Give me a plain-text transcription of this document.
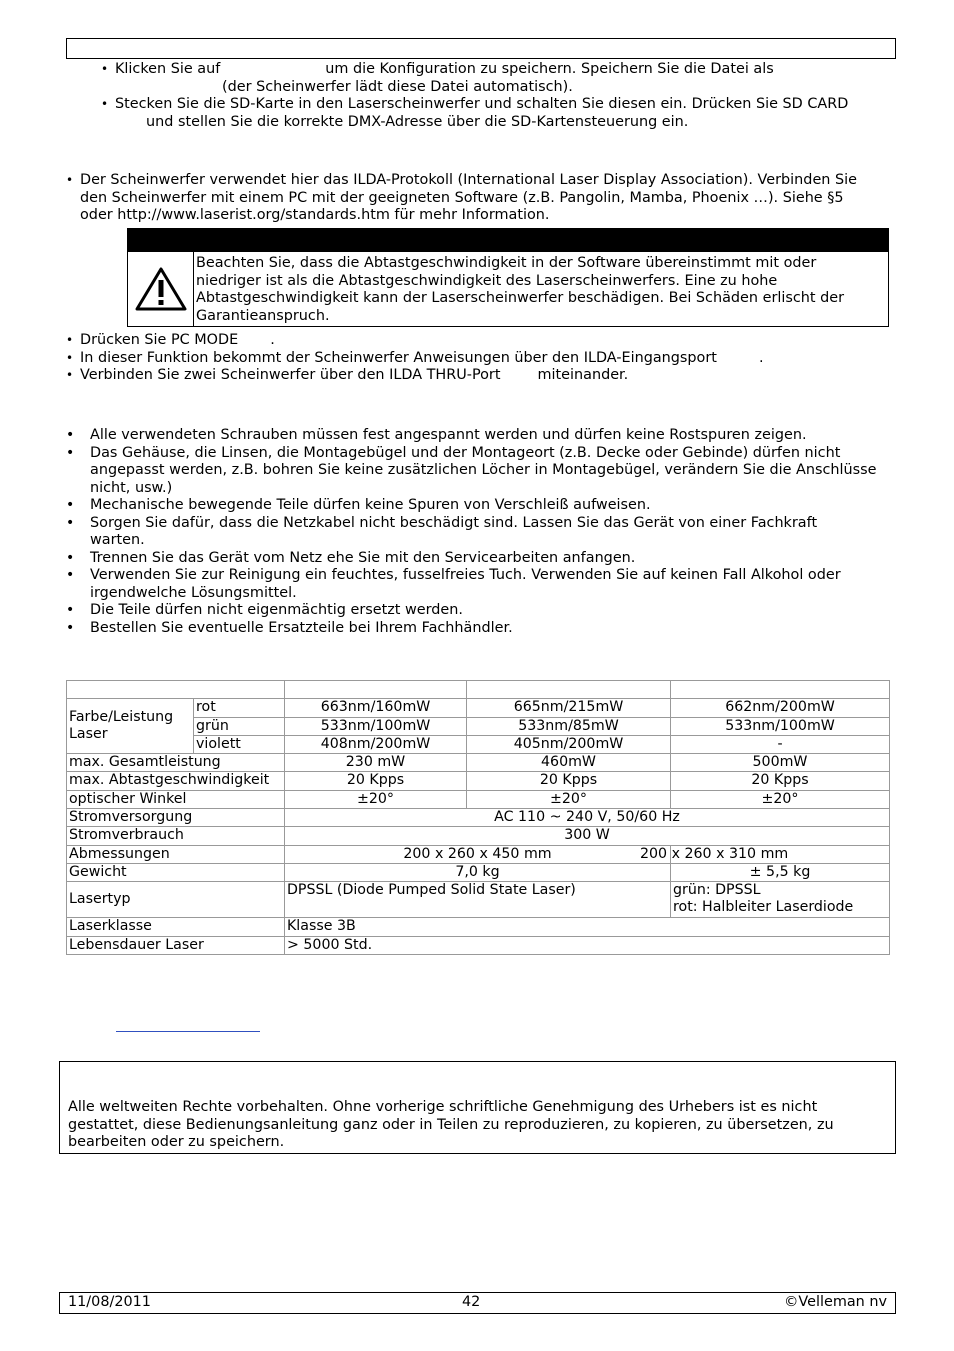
• Klicken Sie auf	um die Konfiguration zu speichern. Speichern Sie die Datei als
(der Scheinwerfer lädt diese Datei automatisch).
• Stecken Sie die SD-Karte in den Laserscheinwerfer und schalten Sie diesen ein. Drücken Sie SD CARD
und stellen Sie die korrekte DMX-Adresse über die SD-Kartensteuerung ein.
• Der Scheinwerfer verwendet hier das ILDA-Protokoll (International Laser Display Association). Verbinden Sie
den Scheinwerfer mit einem PC mit der geeigneten Software (z.B. Pangolin, Mamba, Phoenix …). Siehe §5
oder http://www.laserist.org/standards.htm für mehr Information.
Beachten Sie, dass die Abtastgeschwindigkeit in der Software übereinstimmt mit oder
niedriger ist als die Abtastgeschwindigkeit des Laserscheinwerfers. Eine zu hohe
Abtastgeschwindigkeit kann der Laserscheinwerfer beschädigen. Bei Schäden erlischt der
Garantieanspruch.
• Drücken Sie PC MODE .
• In dieser Funktion bekommt der Scheinwerfer Anweisungen über den ILDA-Eingangsport	.
• Verbinden Sie zwei Scheinwerfer über den ILDA THRU-Port	miteinander.
• Alle verwendeten Schrauben müssen fest angespannt werden und dürfen keine Rostspuren zeigen.
• Das Gehäuse, die Linsen, die Montagebügel und der Montageort (z.B. Decke oder Gebinde) dürfen nicht
angepasst werden, z.B. bohren Sie keine zusätzlichen Löcher in Montagebügel, verändern Sie die Anschlüsse
nicht, usw.)
• Mechanische bewegende Teile dürfen keine Spuren von Verschleiß aufweisen.
• Sorgen Sie dafür, dass die Netzkabel nicht beschädigt sind. Lassen Sie das Gerät von einer Fachkraft
warten.
• Trennen Sie das Gerät vom Netz ehe Sie mit den Servicearbeiten anfangen.
• Verwenden Sie zur Reinigung ein feuchtes, fusselfreies Tuch. Verwenden Sie auf keinen Fall Alkohol oder
irgendwelche Lösungsmittel.
• Die Teile dürfen nicht eigenmächtig ersetzt werden.
• Bestellen Sie eventuelle Ersatzteile bei Ihrem Fachhändler.

Farbe/Leistung
Laser	rot	663nm/160mW	665nm/215mW	662nm/200mW
	grün	533nm/100mW	533nm/85mW	533nm/100mW
	violett	408nm/200mW	405nm/200mW	-
max. Gesamtleistung		230 mW	460mW	500mW
max. Abtastgeschwindigkeit		20 Kpps	20 Kpps	20 Kpps
optischer Winkel		±20°	±20°	±20°
Stromversorgung		AC 110 ~ 240 V, 50/60 Hz		
Stromverbrauch		300 W		
Abmessungen		200 x 260 x 450 mm		200 x 260 x 310 mm

Gewicht		7,0 kg		± 5,5 kg
Lasertyp		DPSSL (Diode Pumped Solid State Laser)		grün: DPSSL
rot: Halbleiter Laserdiode
Laserklasse		Klasse 3B		
Lebensdauer Laser		> 5000 Std.		
Alle weltweiten Rechte vorbehalten. Ohne vorherige schriftliche Genehmigung des Urhebers ist es nicht
gestattet, diese Bedienungsanleitung ganz oder in Teilen zu reproduzieren, zu kopieren, zu übersetzen, zu
bearbeiten oder zu speichern.
11/08/2011	42	©Velleman nv
